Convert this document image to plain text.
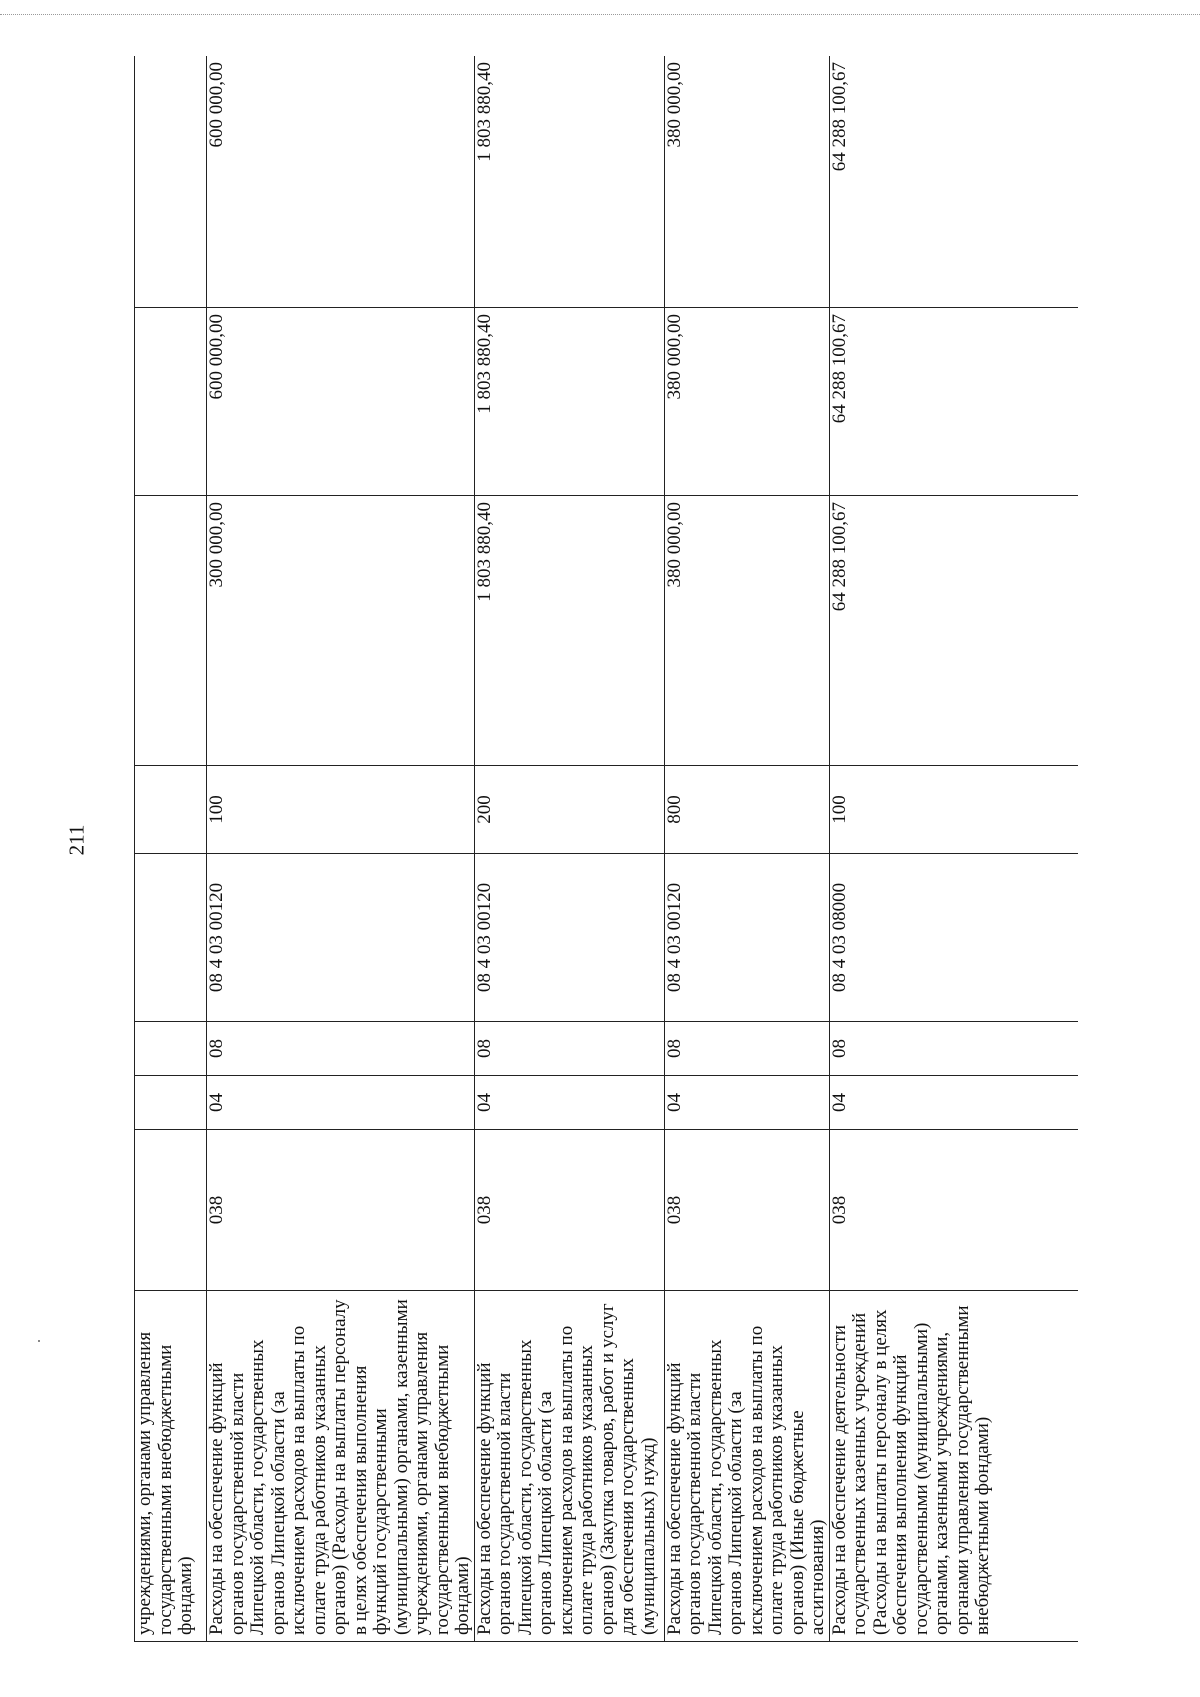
211
учреждениями, органами управления государственными внебюджетными фондами)								
Расходы на обеспечение функций органов государственной власти Липецкой области, государственных органов Липецкой области (за исключением расходов на выплаты по оплате труда работников указанных органов) (Расходы на выплаты персоналу в целях обеспечения выполнения функций государственными (муниципальными) органами, казенными учреждениями, органами управления государственными внебюджетными фондами)	038	04	08	08 4 03 00120	100	300 000,00	600 000,00	600 000,00
Расходы на обеспечение функций органов государственной власти Липецкой области, государственных органов Липецкой области (за исключением расходов на выплаты по оплате труда работников указанных органов) (Закупка товаров, работ и услуг для обеспечения государственных (муниципальных) нужд)	038	04	08	08 4 03 00120	200	1 803 880,40	1 803 880,40	1 803 880,40
Расходы на обеспечение функций органов государственной власти Липецкой области, государственных органов Липецкой области (за исключением расходов на выплаты по оплате труда работников указанных органов) (Иные бюджетные ассигнования)	038	04	08	08 4 03 00120	800	380 000,00	380 000,00	380 000,00
Расходы на обеспечение деятельности государственных казенных учреждений (Расходы на выплаты персоналу в целях обеспечения выполнения функций государственными (муниципальными) органами, казенными учреждениями, органами управления государственными внебюджетными фондами)	038	04	08	08 4 03 08000	100	64 288 100,67	64 288 100,67	64 288 100,67
